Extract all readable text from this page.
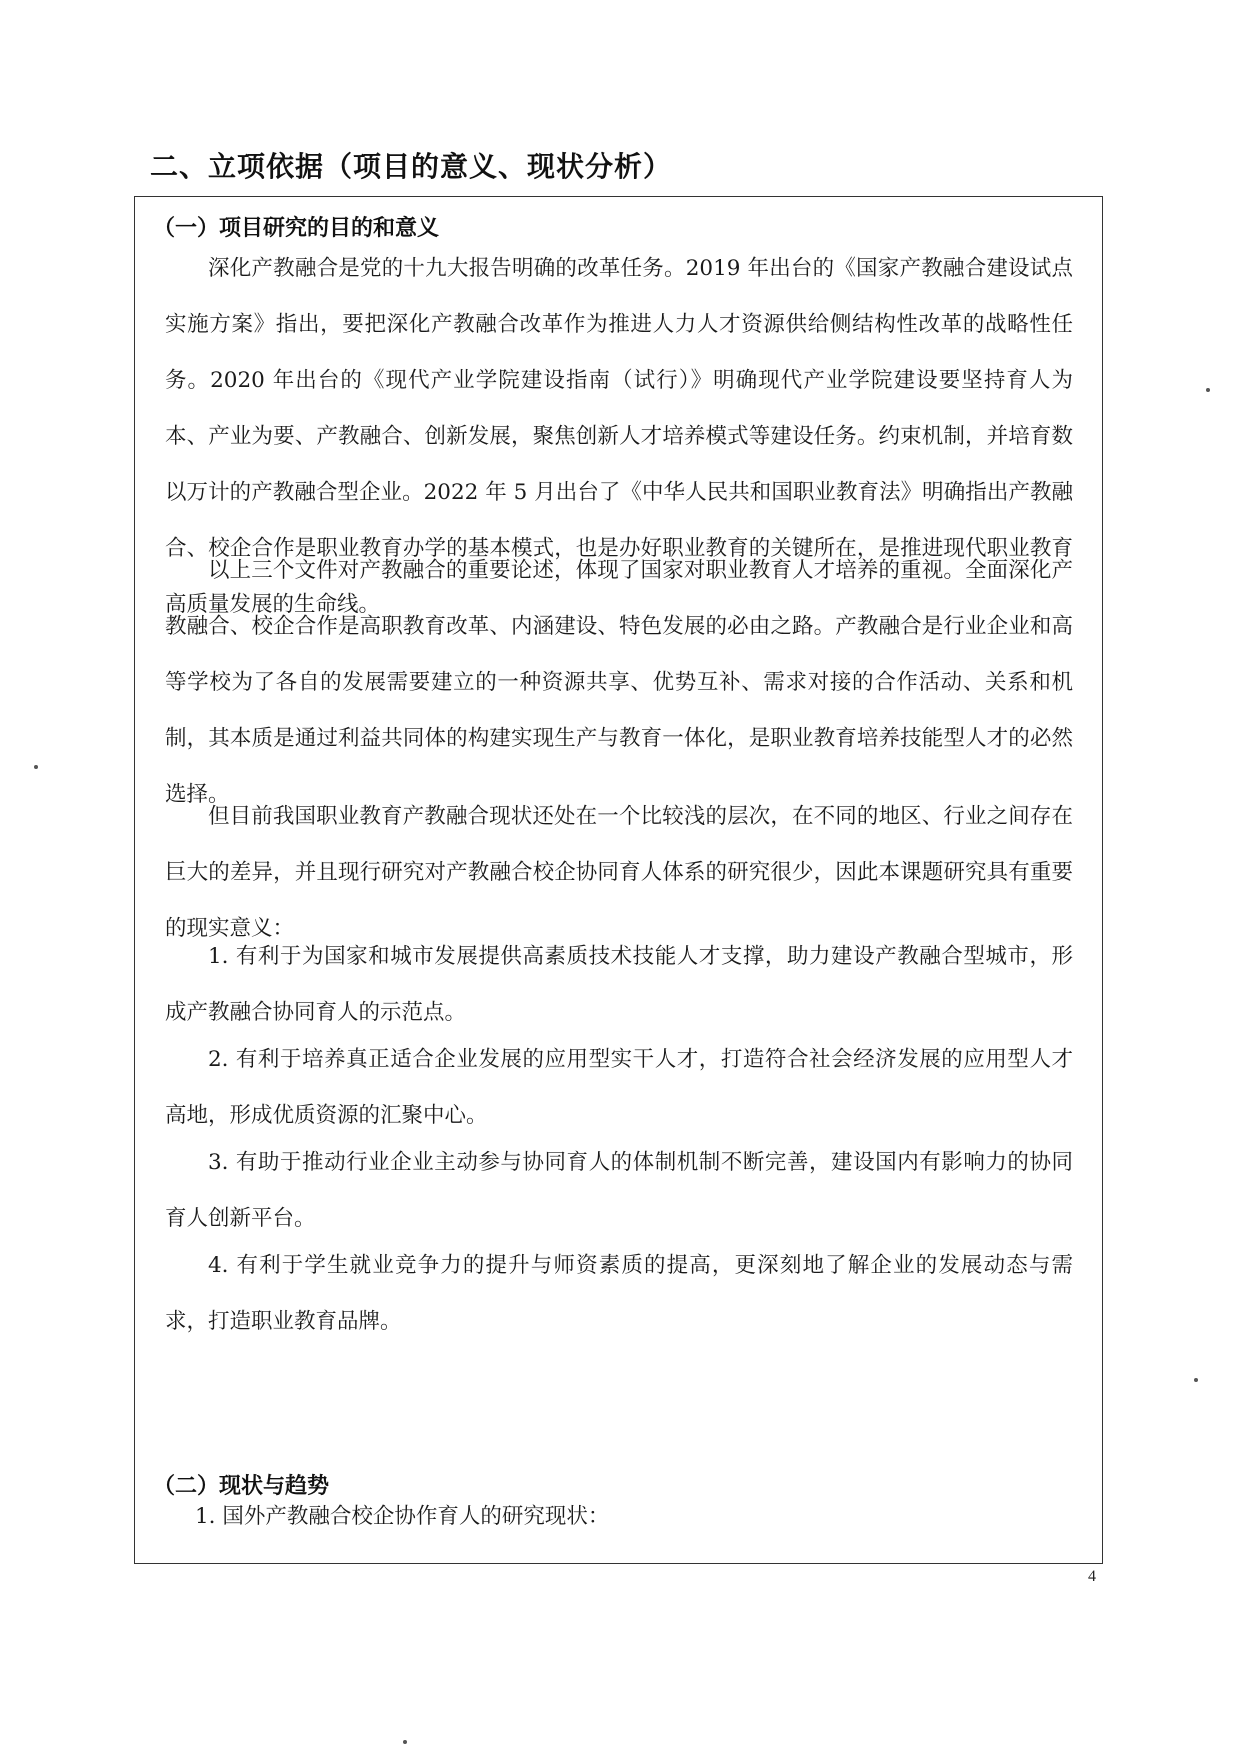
二、立项依据（项目的意义、现状分析）
（一）项目研究的目的和意义

深化产教融合是党的十九大报告明确的改革任务。2019 年出台的《国家产教融合建设试点实施方案》指出，要把深化产教融合改革作为推进人力人才资源供给侧结构性改革的战略性任务。2020 年出台的《现代产业学院建设指南（试行）》明确现代产业学院建设要坚持育人为本、产业为要、产教融合、创新发展，聚焦创新人才培养模式等建设任务。约束机制，并培育数以万计的产教融合型企业。2022 年 5 月出台了《中华人民共和国职业教育法》明确指出产教融合、校企合作是职业教育办学的基本模式，也是办好职业教育的关键所在，是推进现代职业教育高质量发展的生命线。

以上三个文件对产教融合的重要论述，体现了国家对职业教育人才培养的重视。全面深化产教融合、校企合作是高职教育改革、内涵建设、特色发展的必由之路。产教融合是行业企业和高等学校为了各自的发展需要建立的一种资源共享、优势互补、需求对接的合作活动、关系和机制，其本质是通过利益共同体的构建实现生产与教育一体化，是职业教育培养技能型人才的必然选择。

但目前我国职业教育产教融合现状还处在一个比较浅的层次，在不同的地区、行业之间存在巨大的差异，并且现行研究对产教融合校企协同育人体系的研究很少，因此本课题研究具有重要的现实意义：

1. 有利于为国家和城市发展提供高素质技术技能人才支撑，助力建设产教融合型城市，形成产教融合协同育人的示范点。

2. 有利于培养真正适合企业发展的应用型实干人才，打造符合社会经济发展的应用型人才高地，形成优质资源的汇聚中心。

3. 有助于推动行业企业主动参与协同育人的体制机制不断完善，建设国内有影响力的协同育人创新平台。

4. 有利于学生就业竞争力的提升与师资素质的提高，更深刻地了解企业的发展动态与需求，打造职业教育品牌。

（二）现状与趋势

1. 国外产教融合校企协作育人的研究现状：

4
